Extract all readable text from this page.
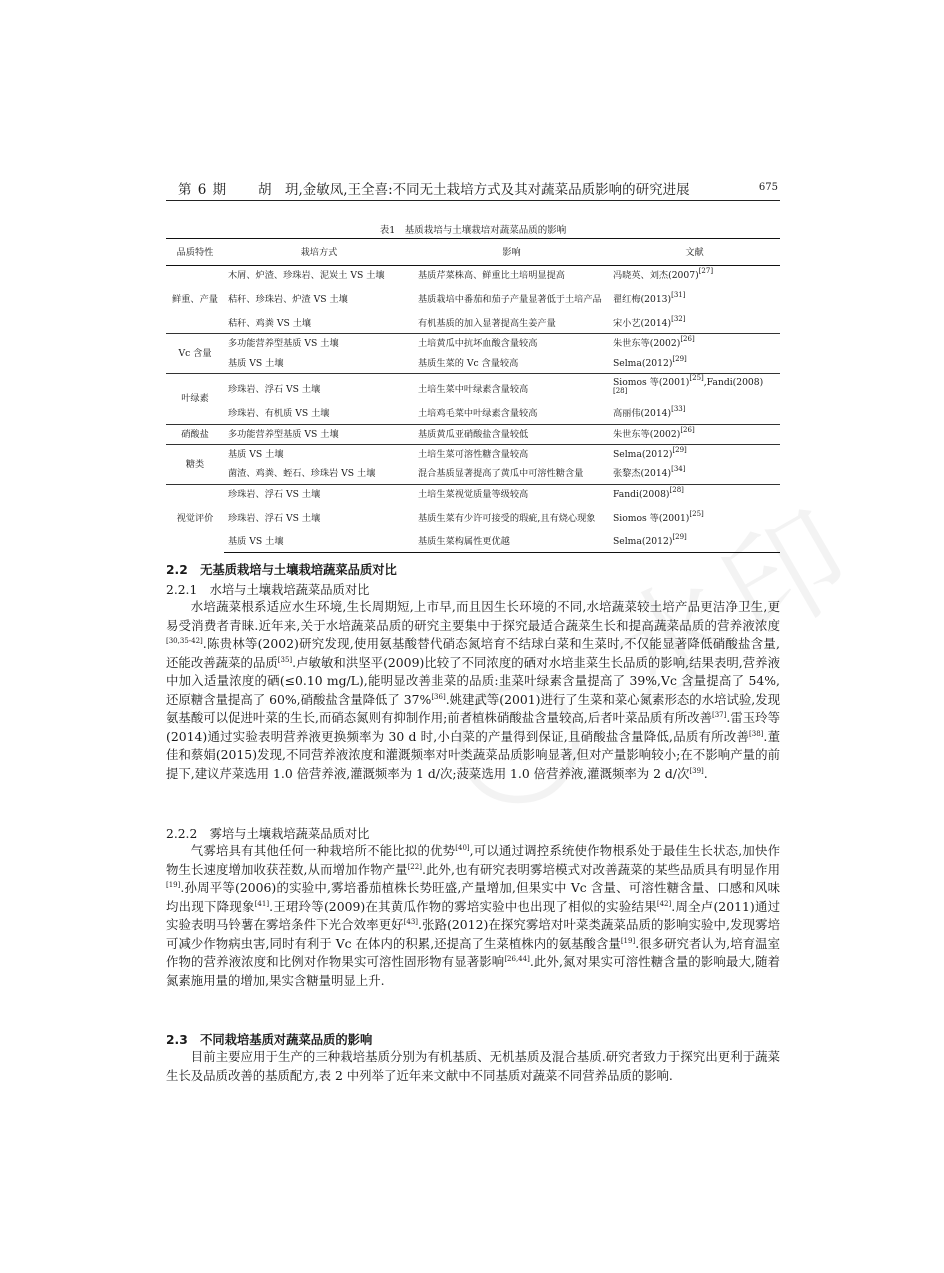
第 6 期 胡　玥,金敏凤,王全喜:不同无土栽培方式及其对蔬菜品质影响的研究进展	675
表1　基质栽培与土壤栽培对蔬菜品质的影响
品质特性	栽培方式	影响	文献
鲜重、产量	木屑、炉渣、珍珠岩、泥炭土 VS 土壤	基质芹菜株高、鲜重比土培明显提高	冯晓英、刘杰(2007)[27]
	秸秆、珍珠岩、炉渣 VS 土壤	基质栽培中番茄和茄子产量显著低于土培产品	翟红梅(2013)[31]
	秸秆、鸡粪 VS 土壤	有机基质的加入显著提高生姜产量	宋小艺(2014)[32]
Vc 含量	多功能营养型基质 VS 土壤	土培黄瓜中抗坏血酸含量较高	朱世东等(2002)[26]
	基质 VS 土壤	基质生菜的 Vc 含量较高	Selma(2012)[29]
叶绿素	珍珠岩、浮石 VS 土壤	土培生菜中叶绿素含量较高	Siomos 等(2001)[25],Fandi(2008)[28]
	珍珠岩、有机质 VS 土壤	土培鸡毛菜中叶绿素含量较高	高丽伟(2014)[33]
硝酸盐	多功能营养型基质 VS 土壤	基质黄瓜亚硝酸盐含量较低	朱世东等(2002)[26]
糖类	基质 VS 土壤	土培生菜可溶性糖含量较高	Selma(2012)[29]
	菌渣、鸡粪、蛭石、珍珠岩 VS 土壤	混合基质显著提高了黄瓜中可溶性糖含量	张黎杰(2014)[34]
视觉评价	珍珠岩、浮石 VS 土壤	土培生菜视觉质量等级较高	Fandi(2008)[28]
	珍珠岩、浮石 VS 土壤	基质生菜有少许可接受的瑕疵,且有烧心现象	Siomos 等(2001)[25]
	基质 VS 土壤	基质生菜构属性更优越	Selma(2012)[29]
2.2　无基质栽培与土壤栽培蔬菜品质对比
2.2.1　水培与土壤栽培蔬菜品质对比
水培蔬菜根系适应水生环境,生长周期短,上市早,而且因生长环境的不同,水培蔬菜较土培产品更洁净卫生,更易受消费者青睐.近年来,关于水培蔬菜品质的研究主要集中于探究最适合蔬菜生长和提高蔬菜品质的营养液浓度[30,35-42].陈贵林等(2002)研究发现,使用氨基酸替代硝态氮培育不结球白菜和生菜时,不仅能显著降低硝酸盐含量,还能改善蔬菜的品质[35].卢敏敏和洪坚平(2009)比较了不同浓度的硒对水培韭菜生长品质的影响,结果表明,营养液中加入适量浓度的硒(≤0.10 mg/L),能明显改善韭菜的品质:韭菜叶绿素含量提高了 39%,Vc 含量提高了 54%,还原糖含量提高了 60%,硝酸盐含量降低了 37%[36].姚建武等(2001)进行了生菜和菜心氮素形态的水培试验,发现氨基酸可以促进叶菜的生长,而硝态氮则有抑制作用;前者植株硝酸盐含量较高,后者叶菜品质有所改善[37].雷玉玲等(2014)通过实验表明营养液更换频率为 30 d 时,小白菜的产量得到保证,且硝酸盐含量降低,品质有所改善[38].董佳和蔡娟(2015)发现,不同营养液浓度和灌溉频率对叶类蔬菜品质影响显著,但对产量影响较小;在不影响产量的前提下,建议芹菜选用 1.0 倍营养液,灌溉频率为 1 d/次;菠菜选用 1.0 倍营养液,灌溉频率为 2 d/次[39].
2.2.2　雾培与土壤栽培蔬菜品质对比
气雾培具有其他任何一种栽培所不能比拟的优势[40],可以通过调控系统使作物根系处于最佳生长状态,加快作物生长速度增加收获茬数,从而增加作物产量[22].此外,也有研究表明雾培模式对改善蔬菜的某些品质具有明显作用[19].孙周平等(2006)的实验中,雾培番茄植株长势旺盛,产量增加,但果实中 Vc 含量、可溶性糖含量、口感和风味均出现下降现象[41].王珺玲等(2009)在其黄瓜作物的雾培实验中也出现了相似的实验结果[42].周全卢(2011)通过实验表明马铃薯在雾培条件下光合效率更好[43].张路(2012)在探究雾培对叶菜类蔬菜品质的影响实验中,发现雾培可减少作物病虫害,同时有利于 Vc 在体内的积累,还提高了生菜植株内的氨基酸含量[19].很多研究者认为,培育温室作物的营养液浓度和比例对作物果实可溶性固形物有显著影响[26,44].此外,氮对果实可溶性糖含量的影响最大,随着氮素施用量的增加,果实含糖量明显上升.
2.3　不同栽培基质对蔬菜品质的影响
目前主要应用于生产的三种栽培基质分别为有机基质、无机基质及混合基质.研究者致力于探究出更利于蔬菜生长及品质改善的基质配方,表 2 中列举了近年来文献中不同基质对蔬菜不同营养品质的影响.
